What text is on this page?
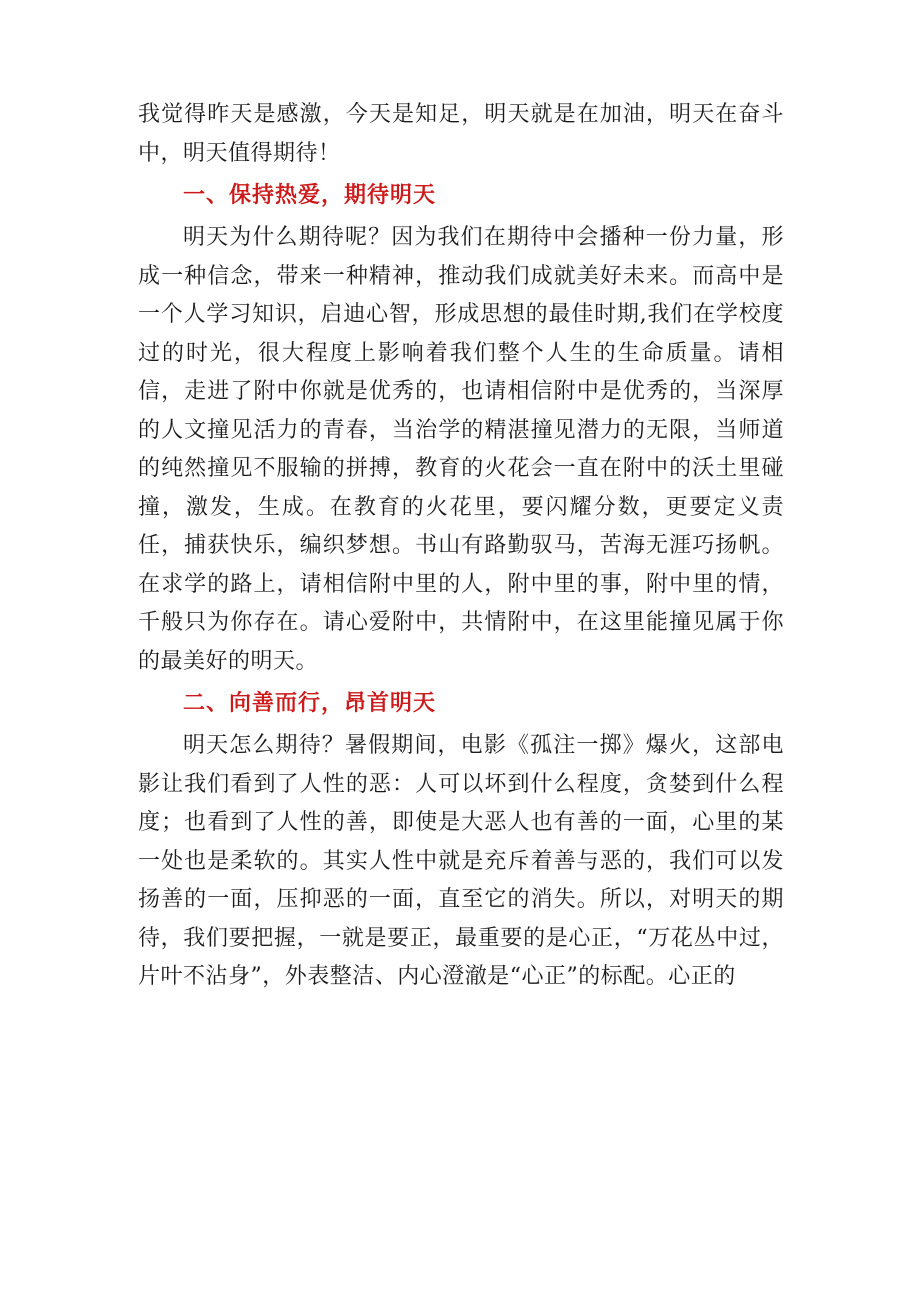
我觉得昨天是感激，今天是知足，明天就是在加油，明天在奋斗中，明天值得期待！

一、保持热爱，期待明天

明天为什么期待呢？因为我们在期待中会播种一份力量，形成一种信念，带来一种精神，推动我们成就美好未来。而高中是一个人学习知识，启迪心智，形成思想的最佳时期,我们在学校度过的时光，很大程度上影响着我们整个人生的生命质量。请相信，走进了附中你就是优秀的，也请相信附中是优秀的，当深厚的人文撞见活力的青春，当治学的精湛撞见潜力的无限，当师道的纯然撞见不服输的拼搏，教育的火花会一直在附中的沃土里碰撞，激发，生成。在教育的火花里，要闪耀分数，更要定义责任，捕获快乐，编织梦想。书山有路勤驭马，苦海无涯巧扬帆。在求学的路上，请相信附中里的人，附中里的事，附中里的情，千般只为你存在。请心爱附中，共情附中，在这里能撞见属于你的最美好的明天。

二、向善而行，昂首明天

明天怎么期待？暑假期间，电影《孤注一掷》爆火，这部电影让我们看到了人性的恶：人可以坏到什么程度，贪婪到什么程度；也看到了人性的善，即使是大恶人也有善的一面，心里的某一处也是柔软的。其实人性中就是充斥着善与恶的，我们可以发扬善的一面，压抑恶的一面，直至它的消失。所以，对明天的期待，我们要把握，一就是要正，最重要的是心正，“万花丛中过，片叶不沾身”，外表整洁、内心澄澈是“心正”的标配。心正的
